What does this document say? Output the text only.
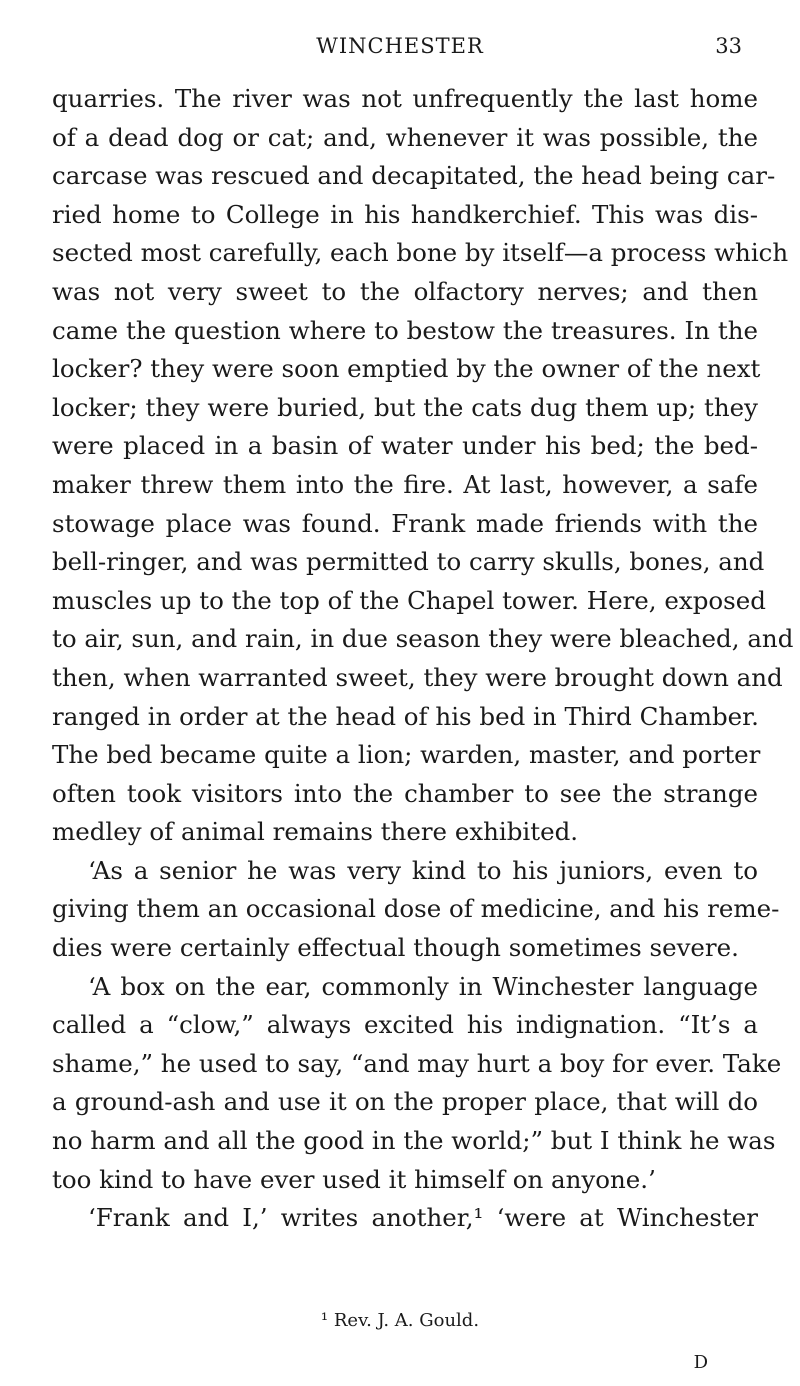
WINCHESTER	33
quarries. The river was not unfrequently the last home
of a dead dog or cat; and, whenever it was possible, the
carcase was rescued and decapitated, the head being car-
ried home to College in his handkerchief. This was dis-
sected most carefully, each bone by itself—a process which
was not very sweet to the olfactory nerves; and then
came the question where to bestow the treasures. In the
locker? they were soon emptied by the owner of the next
locker; they were buried, but the cats dug them up; they
were placed in a basin of water under his bed; the bed-
maker threw them into the fire. At last, however, a safe
stowage place was found. Frank made friends with the
bell-ringer, and was permitted to carry skulls, bones, and
muscles up to the top of the Chapel tower. Here, exposed
to air, sun, and rain, in due season they were bleached, and
then, when warranted sweet, they were brought down and
ranged in order at the head of his bed in Third Chamber.
The bed became quite a lion; warden, master, and porter
often took visitors into the chamber to see the strange
medley of animal remains there exhibited.
‘As a senior he was very kind to his juniors, even to
giving them an occasional dose of medicine, and his reme-
dies were certainly effectual though sometimes severe.
‘A box on the ear, commonly in Winchester language
called a “clow,” always excited his indignation. “It’s a
shame,” he used to say, “and may hurt a boy for ever. Take
a ground-ash and use it on the proper place, that will do
no harm and all the good in the world;” but I think he was
too kind to have ever used it himself on anyone.’
‘Frank and I,’ writes another,¹ ‘were at Winchester
¹ Rev. J. A. Gould.
D
